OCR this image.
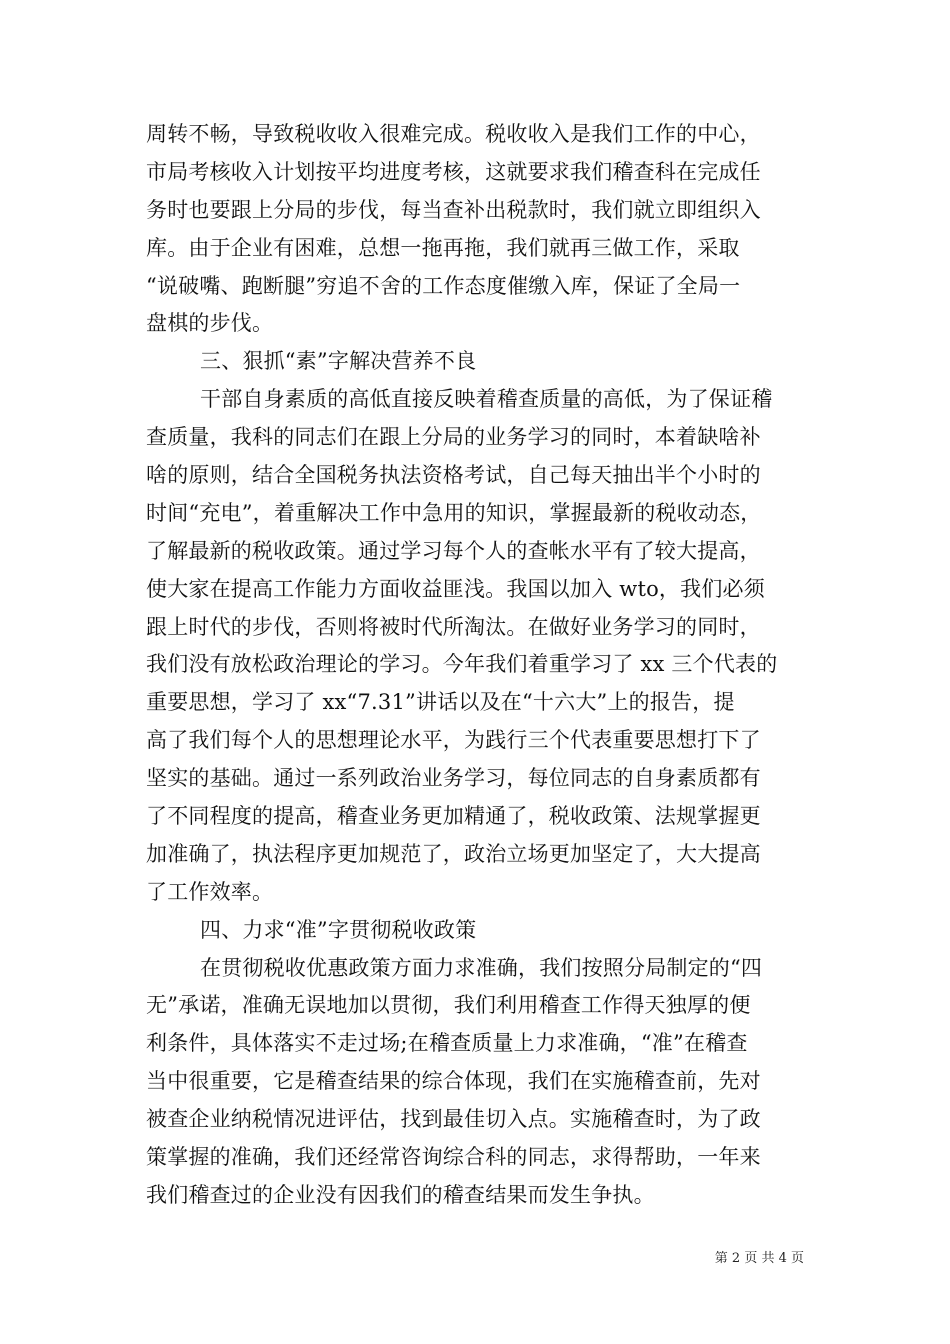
周转不畅，导致税收收入很难完成。税收收入是我们工作的中心，
市局考核收入计划按平均进度考核，这就要求我们稽查科在完成任
务时也要跟上分局的步伐，每当查补出税款时，我们就立即组织入
库。由于企业有困难，总想一拖再拖，我们就再三做工作，采取
“说破嘴、跑断腿”穷追不舍的工作态度催缴入库，保证了全局一
盘棋的步伐。
三、狠抓“素”字解决营养不良
干部自身素质的高低直接反映着稽查质量的高低，为了保证稽
查质量，我科的同志们在跟上分局的业务学习的同时，本着缺啥补
啥的原则，结合全国税务执法资格考试，自己每天抽出半个小时的
时间“充电”，着重解决工作中急用的知识，掌握最新的税收动态，
了解最新的税收政策。通过学习每个人的查帐水平有了较大提高，
使大家在提高工作能力方面收益匪浅。我国以加入 wto，我们必须
跟上时代的步伐，否则将被时代所淘汰。在做好业务学习的同时，
我们没有放松政治理论的学习。今年我们着重学习了 xx 三个代表的
重要思想，学习了 xx“7.31”讲话以及在“十六大”上的报告，提
高了我们每个人的思想理论水平，为践行三个代表重要思想打下了
坚实的基础。通过一系列政治业务学习，每位同志的自身素质都有
了不同程度的提高，稽查业务更加精通了，税收政策、法规掌握更
加准确了，执法程序更加规范了，政治立场更加坚定了，大大提高
了工作效率。
四、力求“准”字贯彻税收政策
在贯彻税收优惠政策方面力求准确，我们按照分局制定的“四
无”承诺，准确无误地加以贯彻，我们利用稽查工作得天独厚的便
利条件，具体落实不走过场;在稽查质量上力求准确，“准”在稽查
当中很重要，它是稽查结果的综合体现，我们在实施稽查前，先对
被查企业纳税情况进评估，找到最佳切入点。实施稽查时，为了政
策掌握的准确，我们还经常咨询综合科的同志，求得帮助，一年来
我们稽查过的企业没有因我们的稽查结果而发生争执。
第 2 页 共 4 页
